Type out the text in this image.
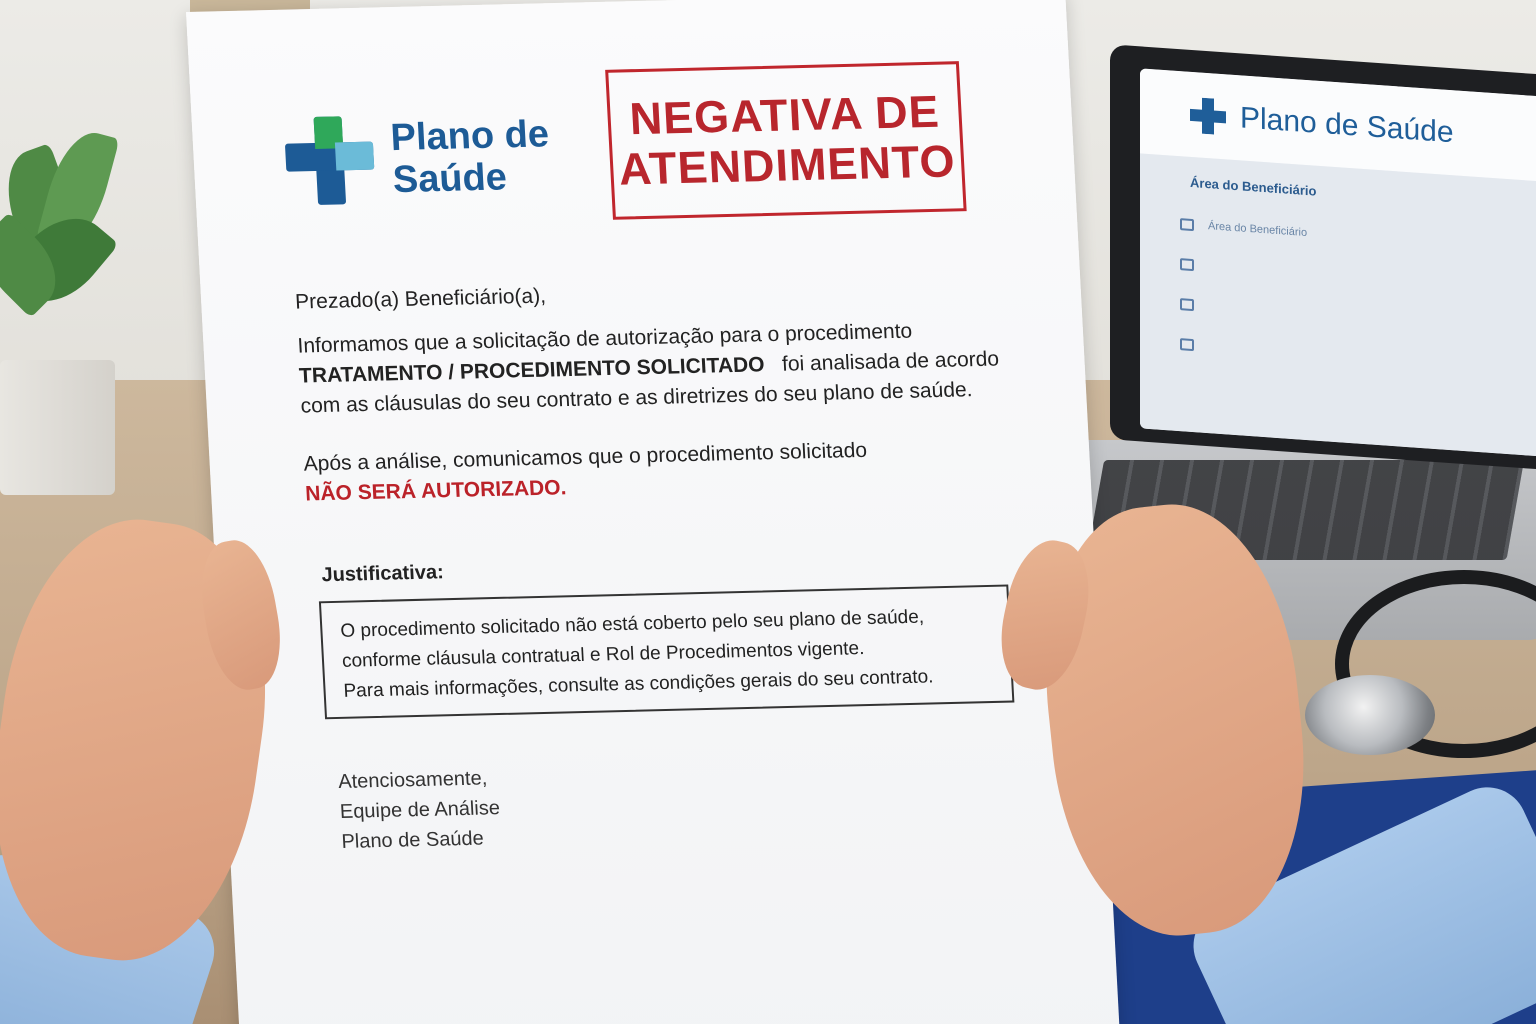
Plano de Saúde
Área do Beneficiário
Área do Beneficiário
Plano de
Saúde
NEGATIVA DE
ATENDIMENTO
Prezado(a) Beneficiário(a),
Informamos que a solicitação de autorização para o procedimento
TRATAMENTO / PROCEDIMENTO SOLICITADO foi analisada de acordo
com as cláusulas do seu contrato e as diretrizes do seu plano de saúde.
Após a análise, comunicamos que o procedimento solicitado
NÃO SERÁ AUTORIZADO.
Justificativa:
O procedimento solicitado não está coberto pelo seu plano de saúde,
conforme cláusula contratual e Rol de Procedimentos vigente.
Para mais informações, consulte as condições gerais do seu contrato.
Atenciosamente,
Equipe de Análise
Plano de Saúde
